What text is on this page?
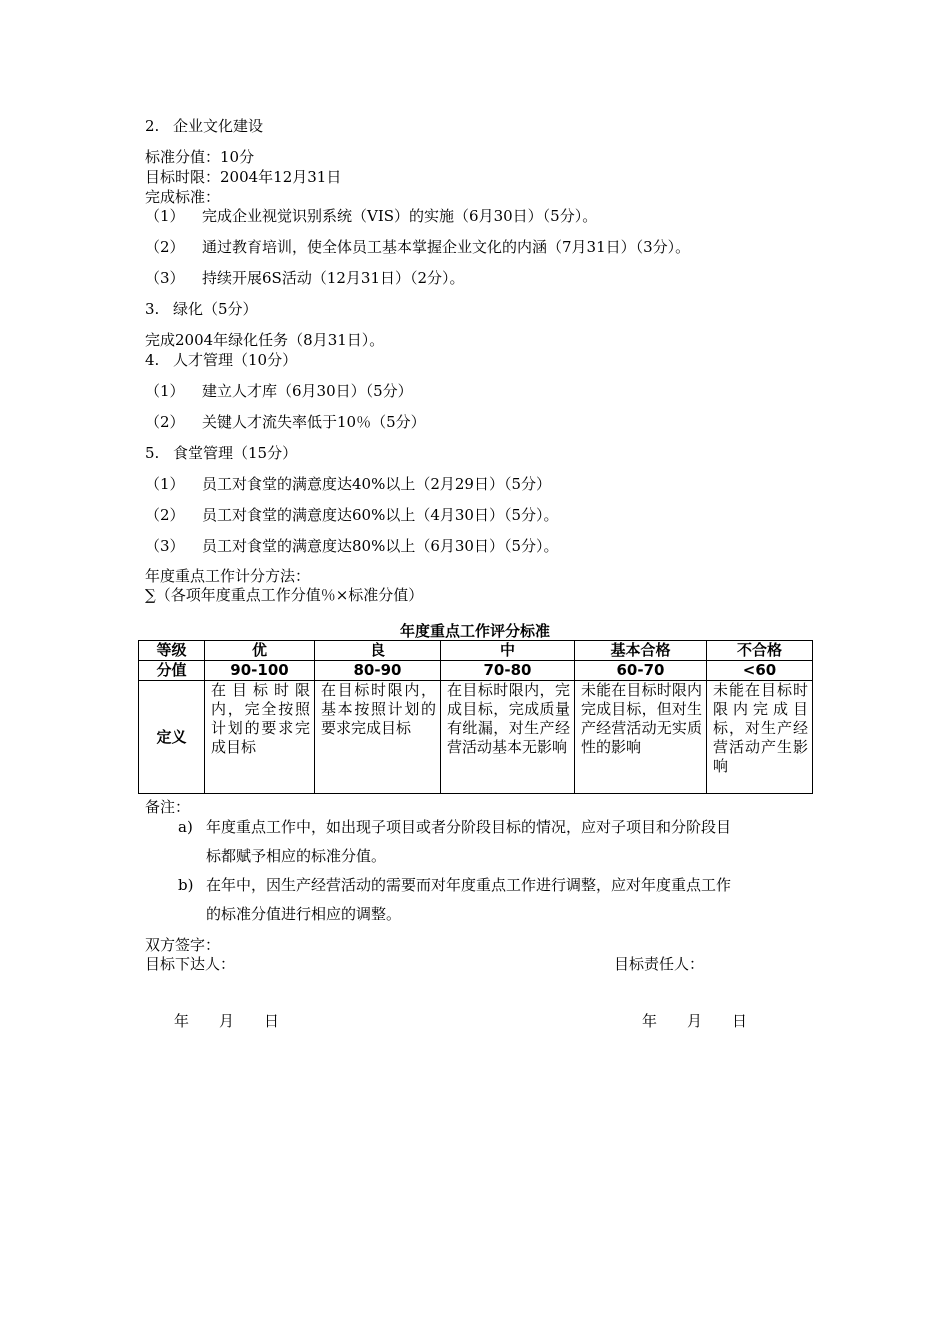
2. 企业文化建设
标准分值：10分
目标时限：2004年12月31日
完成标准：
（1） 完成企业视觉识别系统（VIS）的实施（6月30日）（5分）。
（2） 通过教育培训，使全体员工基本掌握企业文化的内涵（7月31日）（3分）。
（3） 持续开展6S活动（12月31日）（2分）。
3. 绿化（5分）
完成2004年绿化任务（8月31日）。
4. 人才管理（10分）
（1） 建立人才库（6月30日）（5分）
（2） 关键人才流失率低于10％（5分）
5. 食堂管理（15分）
（1） 员工对食堂的满意度达40%以上（2月29日）（5分）
（2） 员工对食堂的满意度达60%以上（4月30日）（5分）。
（3） 员工对食堂的满意度达80%以上（6月30日）（5分）。
年度重点工作计分方法：
∑（各项年度重点工作分值％×标准分值）
年度重点工作评分标准
等级	优	良	中	基本合格	不合格
分值	90-100	80-90	70-80	60-70	<60
定义	在目标时限内，完全按照计划的要求完成目标	在目标时限内，基本按照计划的要求完成目标	在目标时限内，完成目标，完成质量有纰漏，对生产经营活动基本无影响	未能在目标时限内完成目标，但对生产经营活动无实质性的影响	未能在目标时限内完成目标，对生产经营活动产生影响
备注：
a) 年度重点工作中，如出现子项目或者分阶段目标的情况，应对子项目和分阶段目
标都赋予相应的标准分值。
b) 在年中，因生产经营活动的需要而对年度重点工作进行调整，应对年度重点工作
的标准分值进行相应的调整。
双方签字：
目标下达人：	目标责任人：
年　　月　　日	年　　月　　日
